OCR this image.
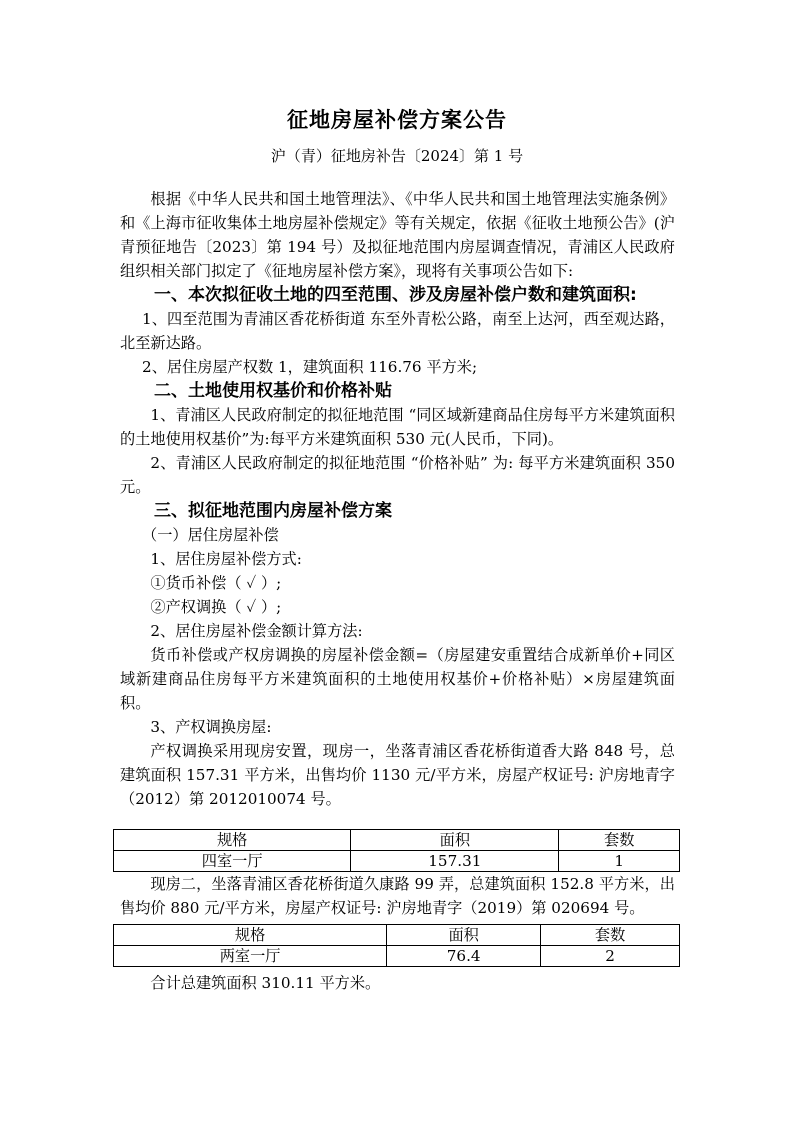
征地房屋补偿方案公告
沪（青）征地房补告〔2024〕第 1 号

根据《中华人民共和国土地管理法》、《中华人民共和国土地管理法实施条例》和《上海市征收集体土地房屋补偿规定》等有关规定，依据《征收土地预公告》(沪青预征地告〔2023〕第 194 号）及拟征地范围内房屋调查情况，青浦区人民政府组织相关部门拟定了《征地房屋补偿方案》，现将有关事项公告如下:

一、本次拟征收土地的四至范围、涉及房屋补偿户数和建筑面积:

1、四至范围为青浦区香花桥街道 东至外青松公路，南至上达河，西至观达路，北至新达路。

2、居住房屋产权数 1，建筑面积 116.76 平方米;

二、土地使用权基价和价格补贴

1、青浦区人民政府制定的拟征地范围 “同区域新建商品住房每平方米建筑面积的土地使用权基价”为:每平方米建筑面积 530 元(人民币，下同)。

2、青浦区人民政府制定的拟征地范围 “价格补贴” 为: 每平方米建筑面积 350 元。

三、拟征地范围内房屋补偿方案

（一）居住房屋补偿

1、居住房屋补偿方式:

①货币补偿（ ✓ ）;

②产权调换（ ✓ ）;

2、居住房屋补偿金额计算方法:

货币补偿或产权房调换的房屋补偿金额=（房屋建安重置结合成新单价+同区域新建商品住房每平方米建筑面积的土地使用权基价+价格补贴）×房屋建筑面积。

3、产权调换房屋:

产权调换采用现房安置，现房一，坐落青浦区香花桥街道香大路 848 号，总建筑面积 157.31 平方米，出售均价 1130 元/平方米，房屋产权证号: 沪房地青字（2012）第 2012010074 号。

规格	面积	套数
四室一厅	157.31	1

现房二，坐落青浦区香花桥街道久康路 99 弄，总建筑面积 152.8 平方米，出售均价 880 元/平方米，房屋产权证号: 沪房地青字（2019）第 020694 号。

规格	面积	套数
两室一厅	76.4	2

合计总建筑面积 310.11 平方米。
